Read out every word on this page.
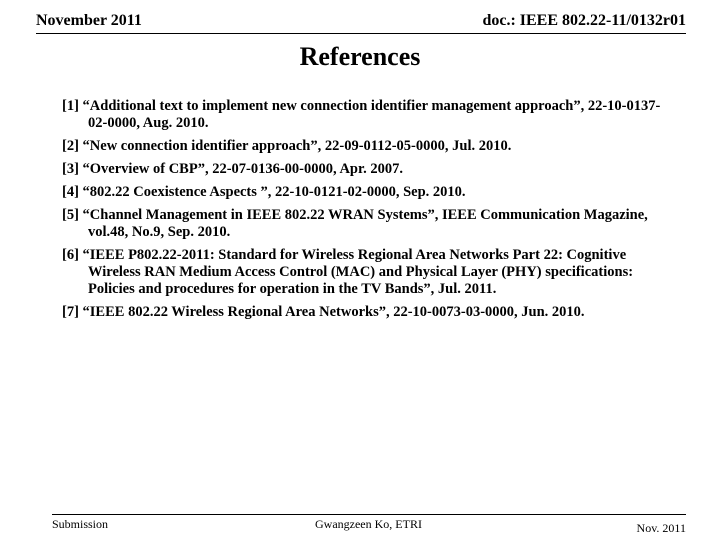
November 2011	doc.: IEEE 802.22-11/0132r01
References
[1] “Additional text to implement new connection identifier management approach”, 22-10-0137-02-0000, Aug. 2010.
[2] “New connection identifier approach”, 22-09-0112-05-0000, Jul. 2010.
[3] “Overview of CBP”, 22-07-0136-00-0000, Apr. 2007.
[4] “802.22 Coexistence Aspects ”, 22-10-0121-02-0000, Sep. 2010.
[5] “Channel Management in IEEE 802.22 WRAN Systems”, IEEE Communication Magazine, vol.48, No.9, Sep. 2010.
[6] “IEEE P802.22-2011: Standard for Wireless Regional Area Networks Part 22: Cognitive Wireless RAN Medium Access Control (MAC) and Physical Layer (PHY) specifications: Policies and procedures for operation in the TV Bands”, Jul. 2011.
[7] “IEEE 802.22 Wireless Regional Area Networks”, 22-10-0073-03-0000, Jun. 2010.
Submission	Gwangzeen Ko, ETRI	Nov. 2011
